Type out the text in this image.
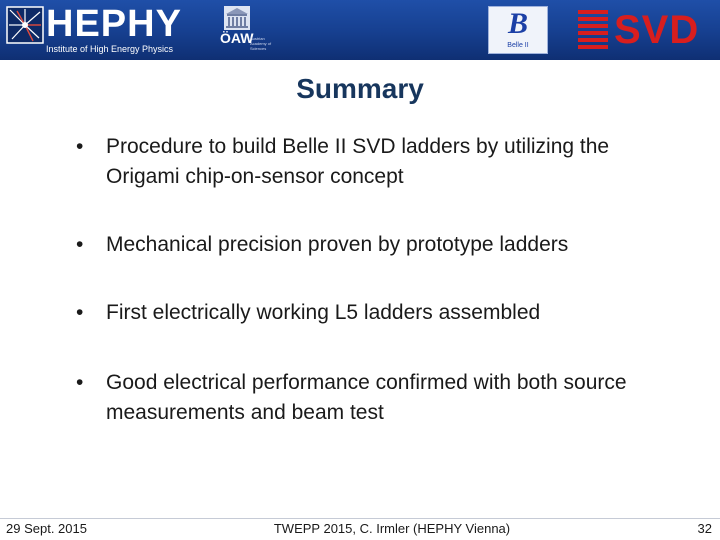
HEPHY
Institute of High Energy Physics
ÖAW
Austrian Academy of Sciences
B
Belle II	SVD
Summary
•	Procedure to build Belle II SVD ladders by utilizing the Origami chip-on-sensor concept
•	Mechanical precision proven by prototype ladders
•	First electrically working L5 ladders assembled
•	Good electrical performance confirmed with both source measurements and beam test
29 Sept. 2015	TWEPP 2015, C. Irmler (HEPHY Vienna)	32
